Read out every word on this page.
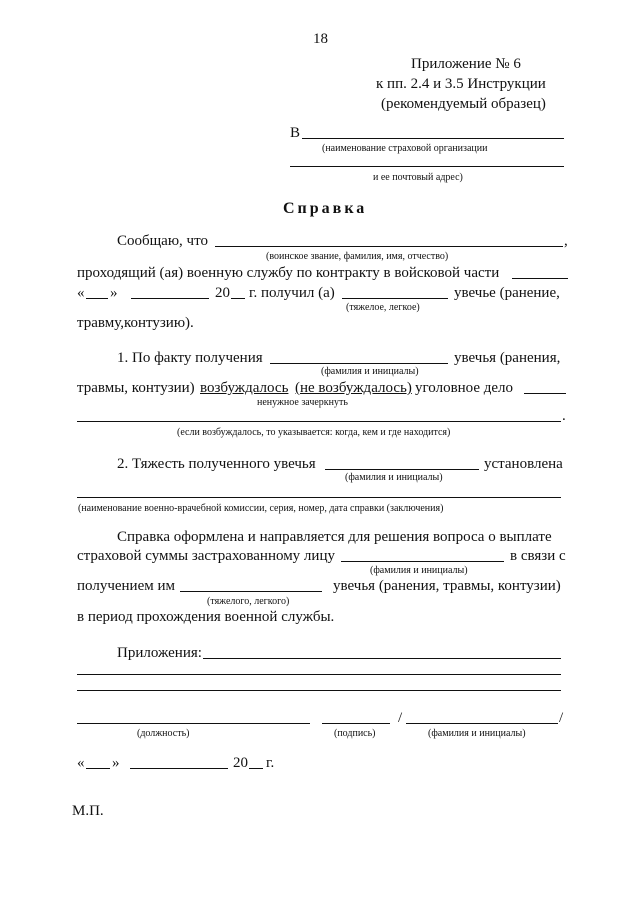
18
Приложение № 6
к пп. 2.4 и 3.5 Инструкции
(рекомендуемый образец)
В
(наименование страховой организации
и ее почтовый адрес)
Справка
Сообщаю, что	,
(воинское звание, фамилия, имя, отчество)
проходящий (ая) военную службу по контракту в войсковой части
« »	20 г. получил (а)	увечье (ранение,
(тяжелое, легкое)
травму,контузию).
1. По факту получения	увечья (ранения,
(фамилия и инициалы)
травмы, контузии) возбуждалось (не возбуждалось) уголовное дело
ненужное зачеркнуть
.
(если возбуждалось, то указывается: когда, кем и где находится)
2. Тяжесть полученного увечья	установлена
(фамилия и инициалы)
(наименование военно-врачебной комиссии, серия, номер, дата справки (заключения)
Справка оформлена и направляется для решения вопроса о выплате
страховой суммы застрахованному лицу	в связи с
(фамилия и инициалы)
получением им	увечья (ранения, травмы, контузии)
(тяжелого, легкого)
в период прохождения военной службы.
Приложения:
/	/
(должность)	(подпись)	(фамилия и инициалы)
« »	20 г.
М.П.
